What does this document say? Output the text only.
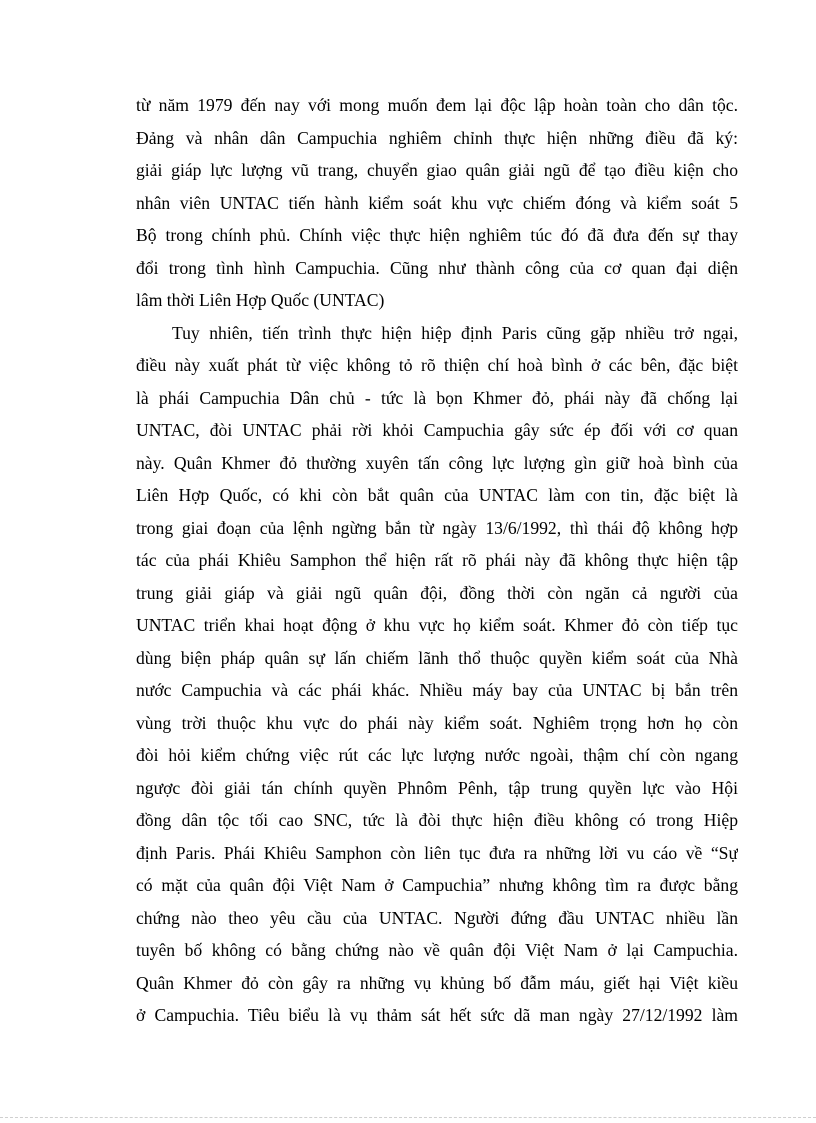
từ năm 1979 đến nay với mong muốn đem lại độc lập hoàn toàn cho dân tộc.
Đảng và nhân dân Campuchia nghiêm chỉnh thực hiện những điều đã ký:
giải giáp lực lượng vũ trang, chuyển giao quân giải ngũ để tạo điều kiện cho
nhân viên UNTAC tiến hành kiểm soát khu vực chiếm đóng và kiểm soát 5
Bộ trong chính phủ. Chính việc thực hiện nghiêm túc đó đã đưa đến sự thay
đổi trong tình hình Campuchia. Cũng như thành công của cơ quan đại diện
lâm thời Liên Hợp Quốc (UNTAC)
Tuy nhiên, tiến trình thực hiện hiệp định Paris cũng gặp nhiều trở ngại,
điều này xuất phát từ việc không tỏ rõ thiện chí hoà bình ở các bên, đặc biệt
là phái Campuchia Dân chủ - tức là bọn Khmer đỏ, phái này đã chống lại
UNTAC, đòi UNTAC phải rời khỏi Campuchia gây sức ép đối với cơ quan
này. Quân Khmer đỏ thường xuyên tấn công lực lượng gìn giữ hoà bình của
Liên Hợp Quốc, có khi còn bắt quân của UNTAC làm con tin, đặc biệt là
trong giai đoạn của lệnh ngừng bắn từ ngày 13/6/1992, thì thái độ không hợp
tác của phái Khiêu Samphon thể hiện rất rõ phái này đã không thực hiện tập
trung giải giáp và giải ngũ quân đội, đồng thời còn ngăn cả người của
UNTAC triển khai hoạt động ở khu vực họ kiểm soát. Khmer đỏ còn tiếp tục
dùng biện pháp quân sự lấn chiếm lãnh thổ thuộc quyền kiểm soát của Nhà
nước Campuchia và các phái khác. Nhiều máy bay của UNTAC bị bắn trên
vùng trời thuộc khu vực do phái này kiểm soát. Nghiêm trọng hơn họ còn
đòi hỏi kiểm chứng việc rút các lực lượng nước ngoài, thậm chí còn ngang
ngược đòi giải tán chính quyền Phnôm Pênh, tập trung quyền lực vào Hội
đồng dân tộc tối cao SNC, tức là đòi thực hiện điều không có trong Hiệp
định Paris. Phái Khiêu Samphon còn liên tục đưa ra những lời vu cáo về “Sự
có mặt của quân đội Việt Nam ở Campuchia” nhưng không tìm ra được bằng
chứng nào theo yêu cầu của UNTAC. Người đứng đầu UNTAC nhiều lần
tuyên bố không có bằng chứng nào về quân đội Việt Nam ở lại Campuchia.
Quân Khmer đỏ còn gây ra những vụ khủng bố đẫm máu, giết hại Việt kiều
ở Campuchia. Tiêu biểu là vụ thảm sát hết sức dã man ngày 27/12/1992 làm
